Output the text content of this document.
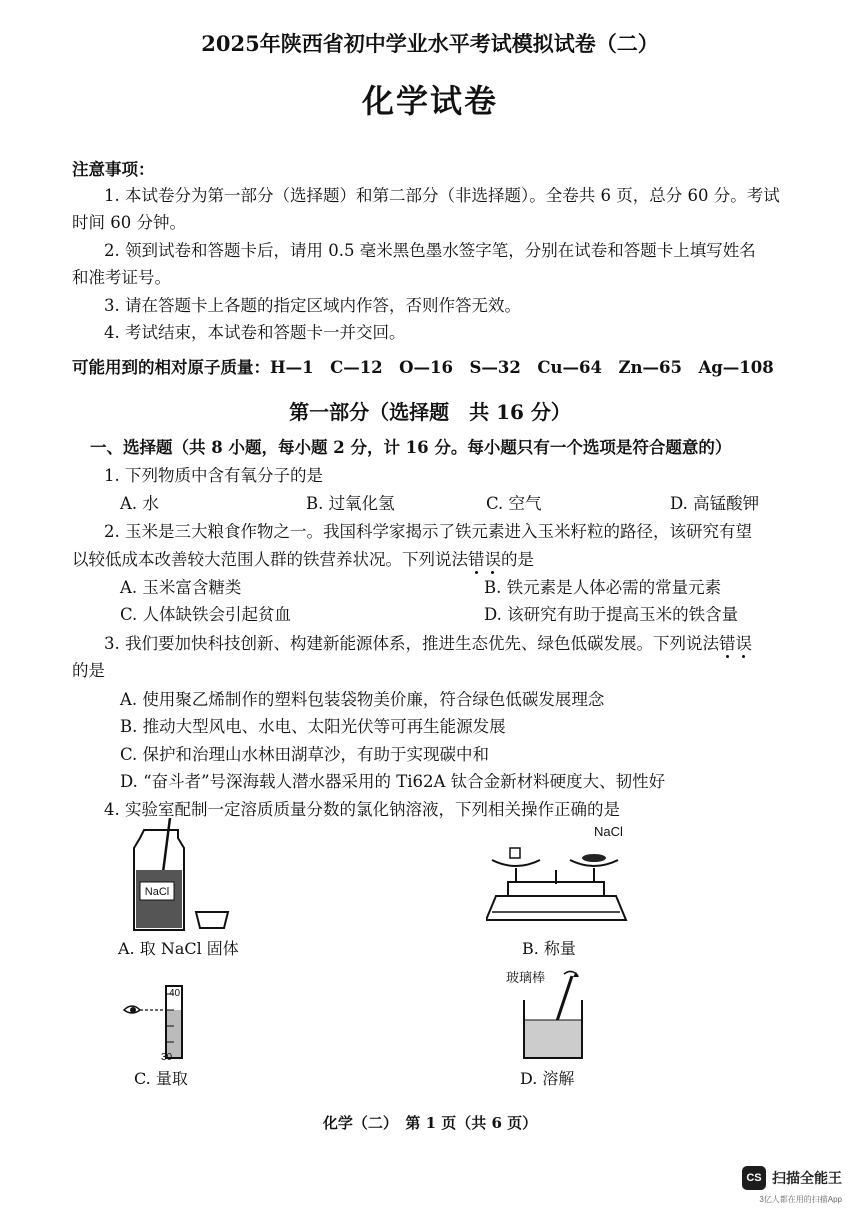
2025年陕西省初中学业水平考试模拟试卷（二）
化学试卷
注意事项：
1. 本试卷分为第一部分（选择题）和第二部分（非选择题）。全卷共 6 页，总分 60 分。考试
时间 60 分钟。
2. 领到试卷和答题卡后，请用 0.5 毫米黑色墨水签字笔，分别在试卷和答题卡上填写姓名
和准考证号。
3. 请在答题卡上各题的指定区域内作答，否则作答无效。
4. 考试结束，本试卷和答题卡一并交回。
可能用到的相对原子质量：H—1　C—12　O—16　S—32　Cu—64　Zn—65　Ag—108
第一部分（选择题　共 16 分）
一、选择题（共 8 小题，每小题 2 分，计 16 分。每小题只有一个选项是符合题意的）
1. 下列物质中含有氧分子的是
A. 水	B. 过氧化氢	C. 空气	D. 高锰酸钾
2. 玉米是三大粮食作物之一。我国科学家揭示了铁元素进入玉米籽粒的路径，该研究有望
以较低成本改善较大范围人群的铁营养状况。下列说法错误的是
A. 玉米富含糖类	B. 铁元素是人体必需的常量元素
C. 人体缺铁会引起贫血	D. 该研究有助于提高玉米的铁含量
3. 我们要加快科技创新、构建新能源体系，推进生态优先、绿色低碳发展。下列说法错误
的是
A. 使用聚乙烯制作的塑料包装袋物美价廉，符合绿色低碳发展理念
B. 推动大型风电、水电、太阳光伏等可再生能源发展
C. 保护和治理山水林田湖草沙，有助于实现碳中和
D. “奋斗者”号深海载人潜水器采用的 Ti62A 钛合金新材料硬度大、韧性好
4. 实验室配制一定溶质质量分数的氯化钠溶液，下列相关操作正确的是
NaCl
A. 取 NaCl 固体
NaCl
B. 称量
40
30
C. 量取
玻璃棒
D. 溶解
化学（二）　第 1 页（共 6 页）
CS 扫描全能王
3亿人都在用的扫描App
